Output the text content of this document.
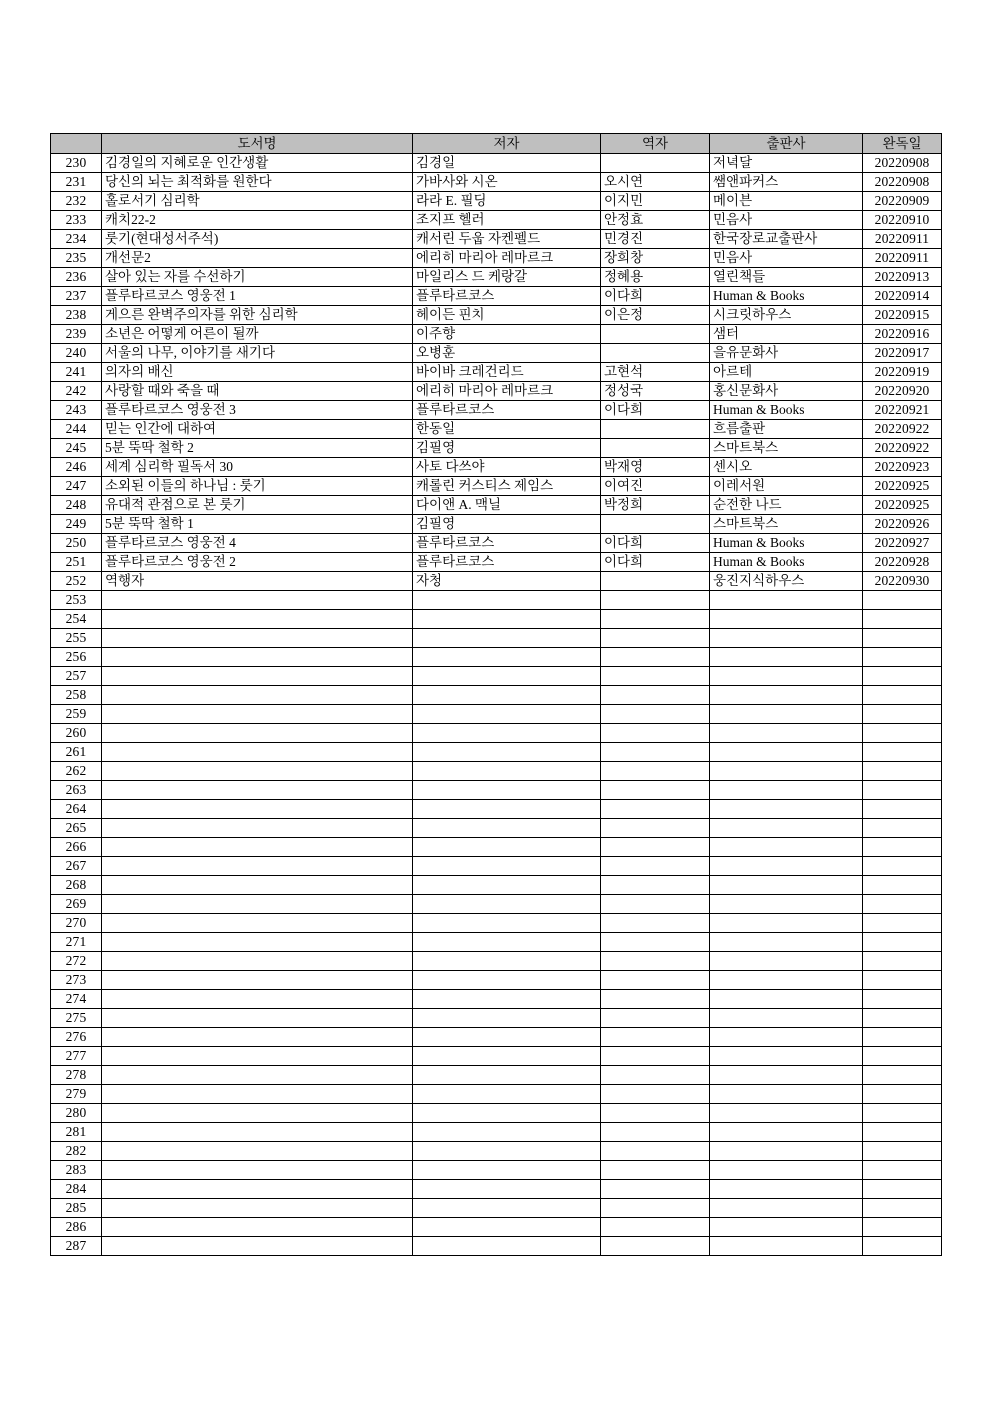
	도서명	저자	역자	출판사	완독일
230	김경일의 지혜로운 인간생활	김경일		저녁달	20220908
231	당신의 뇌는 최적화를 원한다	가바사와 시온	오시연	쌤앤파커스	20220908
232	홀로서기 심리학	라라 E. 필딩	이지민	메이븐	20220909
233	캐치22-2	조지프 헬러	안정효	민음사	20220910
234	룻기(현대성서주석)	캐서린 두웁 자켄펠드	민경진	한국장로교출판사	20220911
235	개선문2	에리히 마리아 레마르크	장희창	민음사	20220911
236	살아 있는 자를 수선하기	마일리스 드 케랑갈	정혜용	열린책들	20220913
237	플루타르코스 영웅전 1	플루타르코스	이다희	Human & Books	20220914
238	게으른 완벽주의자를 위한 심리학	헤이든 핀치	이은정	시크릿하우스	20220915
239	소년은 어떻게 어른이 될까	이주향		샘터	20220916
240	서울의 나무, 이야기를 새기다	오병훈		을유문화사	20220917
241	의자의 배신	바이바 크레건리드	고현석	아르테	20220919
242	사랑할 때와 죽을 때	에리히 마리아 레마르크	정성국	홍신문화사	20220920
243	플루타르코스 영웅전 3	플루타르코스	이다희	Human & Books	20220921
244	믿는 인간에 대하여	한동일		흐름출판	20220922
245	5분 뚝딱 철학 2	김필영		스마트북스	20220922
246	세계 심리학 필독서 30	사토 다쓰야	박재영	센시오	20220923
247	소외된 이들의 하나님 : 룻기	캐롤린 커스티스 제임스	이여진	이레서원	20220925
248	유대적 관점으로 본 룻기	다이앤 A. 맥닐	박정희	순전한 나드	20220925
249	5분 뚝딱 철학 1	김필영		스마트북스	20220926
250	플루타르코스 영웅전 4	플루타르코스	이다희	Human & Books	20220927
251	플루타르코스 영웅전 2	플루타르코스	이다희	Human & Books	20220928
252	역행자	자청		웅진지식하우스	20220930
253					
254					
255					
256					
257					
258					
259					
260					
261					
262					
263					
264					
265					
266					
267					
268					
269					
270					
271					
272					
273					
274					
275					
276					
277					
278					
279					
280					
281					
282					
283					
284					
285					
286					
287					
